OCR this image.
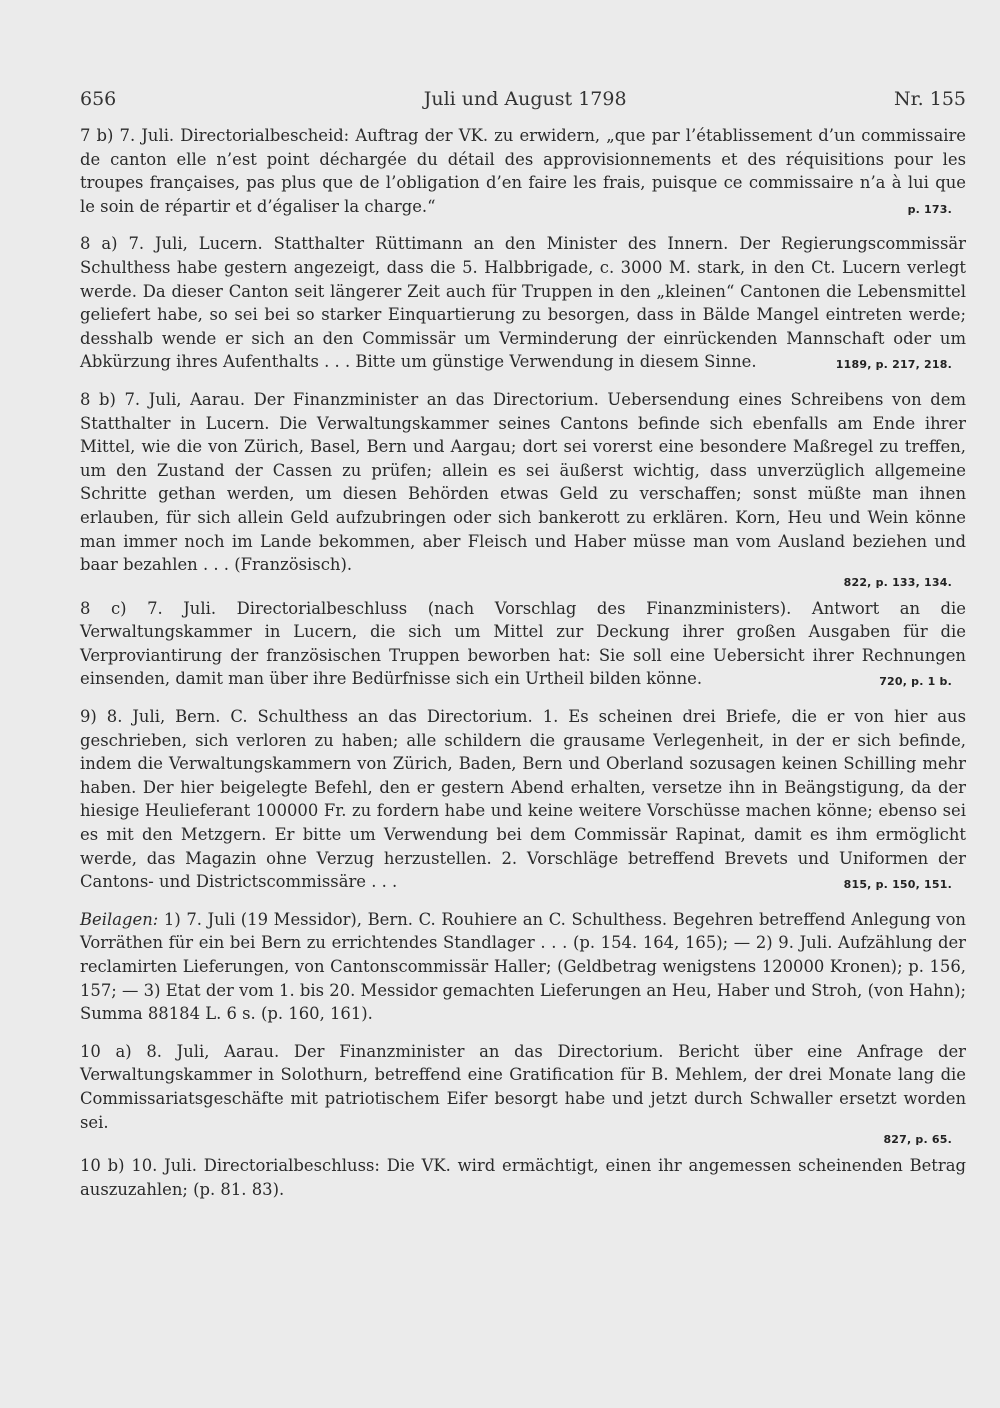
656	Juli und August 1798	Nr. 155

7 b) 7. Juli. Directorialbescheid: Auftrag der VK. zu erwidern, „que par l’établissement d’un commissaire de canton elle n’est point déchargée du détail des approvisionnements et des réquisitions pour les troupes françaises, pas plus que de l’obligation d’en faire les frais, puisque ce commissaire n’a à lui que le soin de répartir et d’égaliser la charge.“	p. 173.

8 a) 7. Juli, Lucern. Statthalter Rüttimann an den Minister des Innern. Der Regierungscommissär Schulthess habe gestern angezeigt, dass die 5. Halbbrigade, c. 3000 M. stark, in den Ct. Lucern verlegt werde. Da dieser Canton seit längerer Zeit auch für Truppen in den „kleinen“ Cantonen die Lebensmittel geliefert habe, so sei bei so starker Einquartierung zu besorgen, dass in Bälde Mangel eintreten werde; desshalb wende er sich an den Commissär um Verminderung der einrückenden Mannschaft oder um Abkürzung ihres Aufenthalts . . . Bitte um günstige Verwendung in diesem Sinne.	1189, p. 217, 218.

8 b) 7. Juli, Aarau. Der Finanzminister an das Directorium. Uebersendung eines Schreibens von dem Statthalter in Lucern. Die Verwaltungskammer seines Cantons befinde sich ebenfalls am Ende ihrer Mittel, wie die von Zürich, Basel, Bern und Aargau; dort sei vorerst eine besondere Maßregel zu treffen, um den Zustand der Cassen zu prüfen; allein es sei äußerst wichtig, dass unverzüglich allgemeine Schritte gethan werden, um diesen Behörden etwas Geld zu verschaffen; sonst müßte man ihnen erlauben, für sich allein Geld aufzubringen oder sich bankerott zu erklären. Korn, Heu und Wein könne man immer noch im Lande bekommen, aber Fleisch und Haber müsse man vom Ausland beziehen und baar bezahlen . . . (Französisch).
822, p. 133, 134.

8 c) 7. Juli. Directorialbeschluss (nach Vorschlag des Finanzministers). Antwort an die Verwaltungskammer in Lucern, die sich um Mittel zur Deckung ihrer großen Ausgaben für die Verproviantirung der französischen Truppen beworben hat: Sie soll eine Uebersicht ihrer Rechnungen einsenden, damit man über ihre Bedürfnisse sich ein Urtheil bilden könne.	720, p. 1 b.

9) 8. Juli, Bern. C. Schulthess an das Directorium. 1. Es scheinen drei Briefe, die er von hier aus geschrieben, sich verloren zu haben; alle schildern die grausame Verlegenheit, in der er sich befinde, indem die Verwaltungskammern von Zürich, Baden, Bern und Oberland sozusagen keinen Schilling mehr haben. Der hier beigelegte Befehl, den er gestern Abend erhalten, versetze ihn in Beängstigung, da der hiesige Heulieferant 100000 Fr. zu fordern habe und keine weitere Vorschüsse machen könne; ebenso sei es mit den Metzgern. Er bitte um Verwendung bei dem Commissär Rapinat, damit es ihm ermöglicht werde, das Magazin ohne Verzug herzustellen. 2. Vorschläge betreffend Brevets und Uniformen der Cantons- und Districtscommissäre . . .	815, p. 150, 151.

Beilagen: 1) 7. Juli (19 Messidor), Bern. C. Rouhiere an C. Schulthess. Begehren betreffend Anlegung von Vorräthen für ein bei Bern zu errichtendes Standlager . . . (p. 154. 164, 165); — 2) 9. Juli. Aufzählung der reclamirten Lieferungen, von Cantonscommissär Haller; (Geldbetrag wenigstens 120000 Kronen); p. 156, 157; — 3) Etat der vom 1. bis 20. Messidor gemachten Lieferungen an Heu, Haber und Stroh, (von Hahn); Summa 88184 L. 6 s. (p. 160, 161).

10 a) 8. Juli, Aarau. Der Finanzminister an das Directorium. Bericht über eine Anfrage der Verwaltungskammer in Solothurn, betreffend eine Gratification für B. Mehlem, der drei Monate lang die Commissariatsgeschäfte mit patriotischem Eifer besorgt habe und jetzt durch Schwaller ersetzt worden sei.
827, p. 65.

10 b) 10. Juli. Directorialbeschluss: Die VK. wird ermächtigt, einen ihr angemessen scheinenden Betrag auszuzahlen; (p. 81. 83).
